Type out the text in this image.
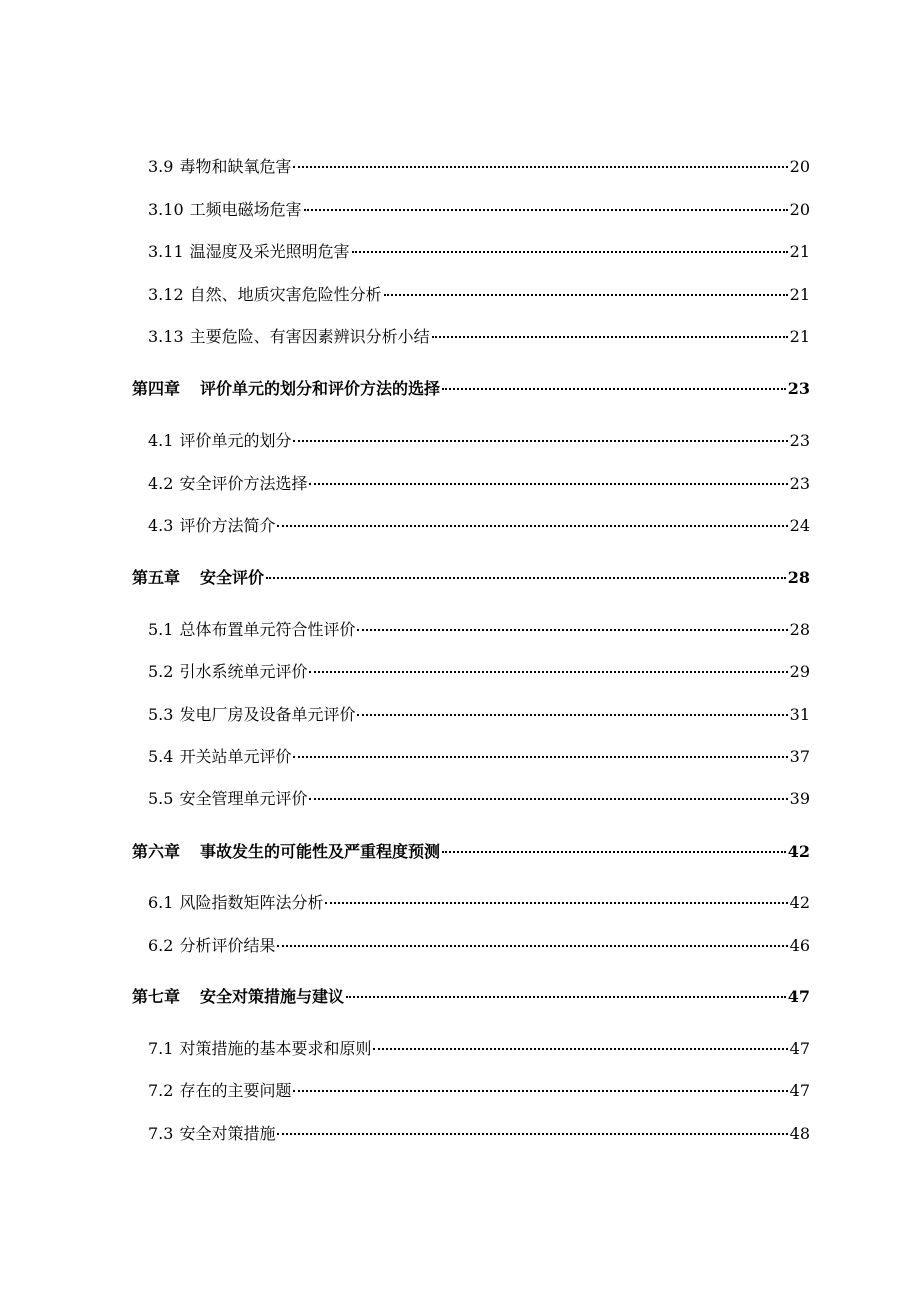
3.9 毒物和缺氧危害	20
3.10 工频电磁场危害	20
3.11 温湿度及采光照明危害	21
3.12 自然、地质灾害危险性分析	21
3.13 主要危险、有害因素辨识分析小结	21
第四章 评价单元的划分和评价方法的选择	23
4.1 评价单元的划分	23
4.2 安全评价方法选择	23
4.3 评价方法简介	24
第五章 安全评价	28
5.1 总体布置单元符合性评价	28
5.2 引水系统单元评价	29
5.3 发电厂房及设备单元评价	31
5.4 开关站单元评价	37
5.5 安全管理单元评价	39
第六章 事故发生的可能性及严重程度预测	42
6.1 风险指数矩阵法分析	42
6.2 分析评价结果	46
第七章 安全对策措施与建议	47
7.1 对策措施的基本要求和原则	47
7.2 存在的主要问题	47
7.3 安全对策措施	48
